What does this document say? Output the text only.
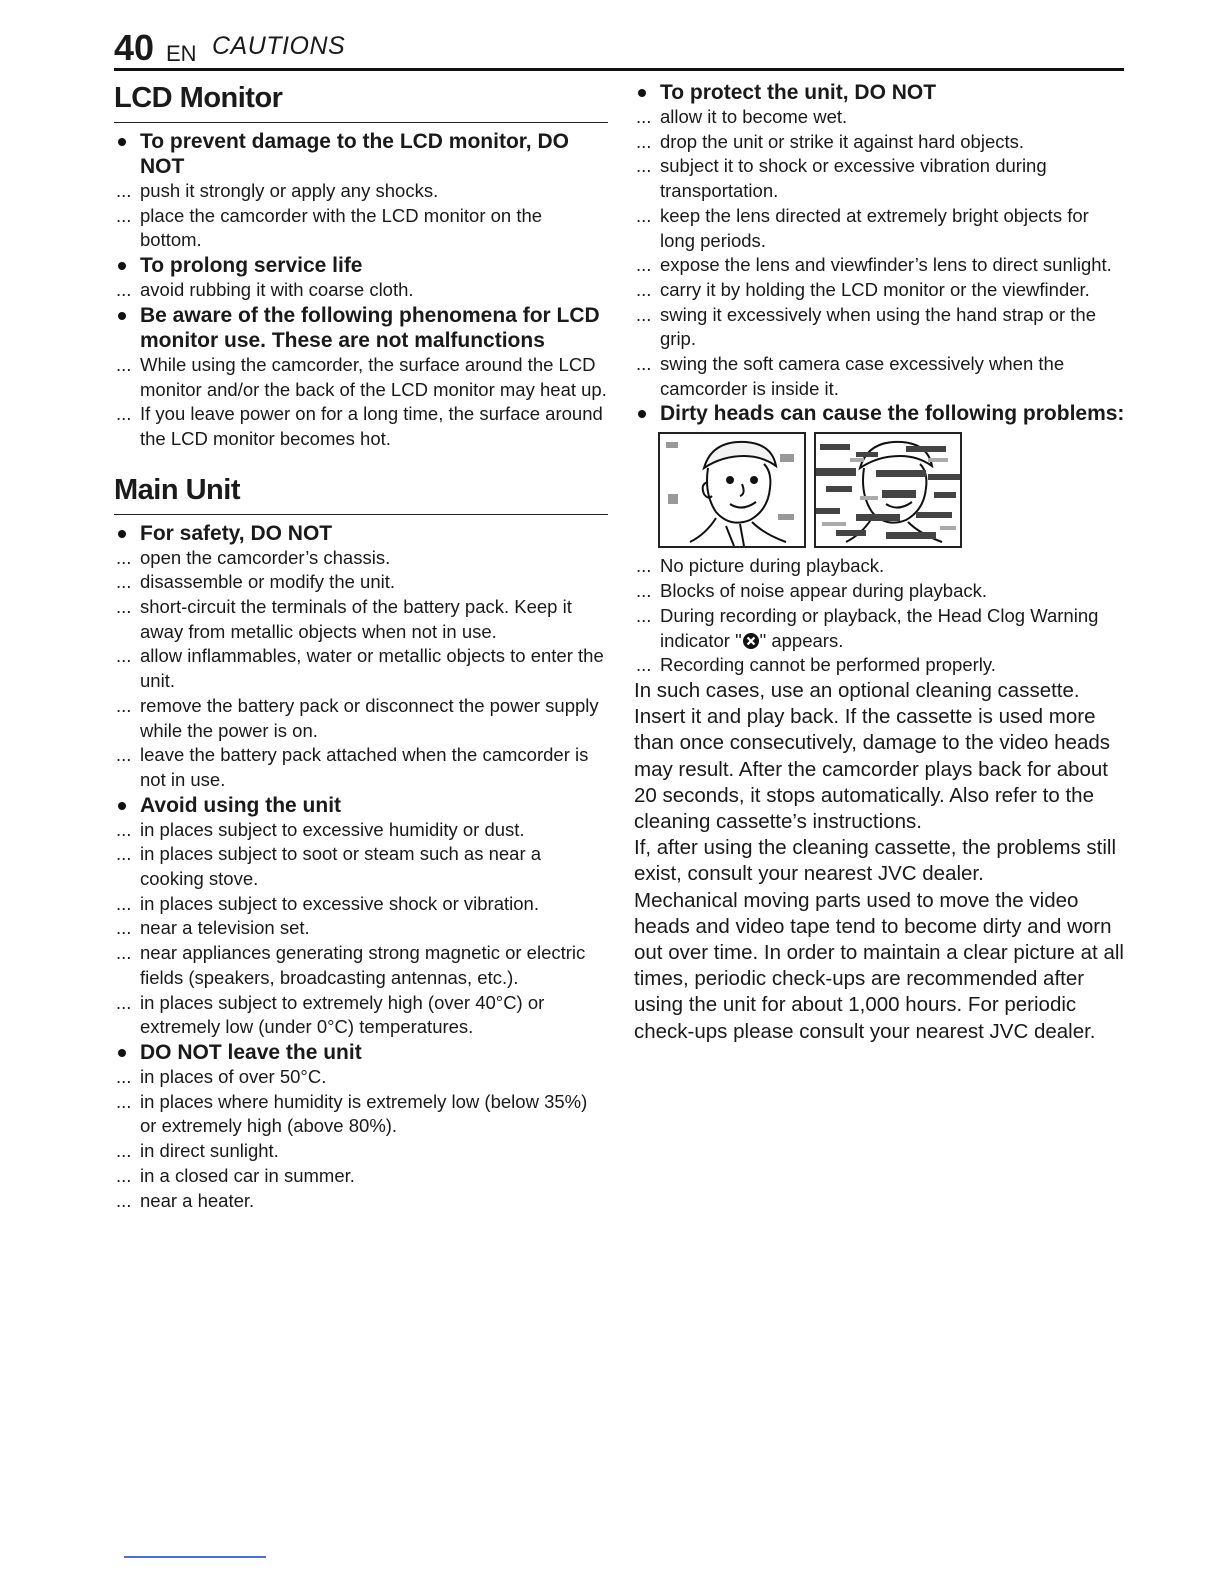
40 EN CAUTIONS
LCD Monitor

To prevent damage to the LCD monitor, DO NOT

... push it strongly or apply any shocks.

... place the camcorder with the LCD monitor on the bottom.

To prolong service life

... avoid rubbing it with coarse cloth.

Be aware of the following phenomena for LCD monitor use. These are not malfunctions

... While using the camcorder, the surface around the LCD monitor and/or the back of the LCD monitor may heat up.

... If you leave power on for a long time, the surface around the LCD monitor becomes hot.

Main Unit

For safety, DO NOT

... open the camcorder’s chassis.

... disassemble or modify the unit.

... short-circuit the terminals of the battery pack. Keep it away from metallic objects when not in use.

... allow inflammables, water or metallic objects to enter the unit.

... remove the battery pack or disconnect the power supply while the power is on.

... leave the battery pack attached when the camcorder is not in use.

Avoid using the unit

... in places subject to excessive humidity or dust.

... in places subject to soot or steam such as near a cooking stove.

... in places subject to excessive shock or vibration.

... near a television set.

... near appliances generating strong magnetic or electric fields (speakers, broadcasting antennas, etc.).

... in places subject to extremely high (over 40°C) or extremely low (under 0°C) temperatures.

DO NOT leave the unit

... in places of over 50°C.

... in places where humidity is extremely low (below 35%) or extremely high (above 80%).

... in direct sunlight.

... in a closed car in summer.

... near a heater.

To protect the unit, DO NOT

... allow it to become wet.

... drop the unit or strike it against hard objects.

... subject it to shock or excessive vibration during transportation.

... keep the lens directed at extremely bright objects for long periods.

... expose the lens and viewfinder’s lens to direct sunlight.

... carry it by holding the LCD monitor or the viewfinder.

... swing it excessively when using the hand strap or the grip.

... swing the soft camera case excessively when the camcorder is inside it.

Dirty heads can cause the following problems:

... No picture during playback.

... Blocks of noise appear during playback.

... During recording or playback, the Head Clog Warning indicator " " appears.

... Recording cannot be performed properly.

In such cases, use an optional cleaning cassette. Insert it and play back. If the cassette is used more than once consecutively, damage to the video heads may result. After the camcorder plays back for about 20 seconds, it stops automatically. Also refer to the cleaning cassette’s instructions.

If, after using the cleaning cassette, the problems still exist, consult your nearest JVC dealer.

Mechanical moving parts used to move the video heads and video tape tend to become dirty and worn out over time. In order to maintain a clear picture at all times, periodic check-ups are recommended after using the unit for about 1,000 hours. For periodic check-ups please consult your nearest JVC dealer.
